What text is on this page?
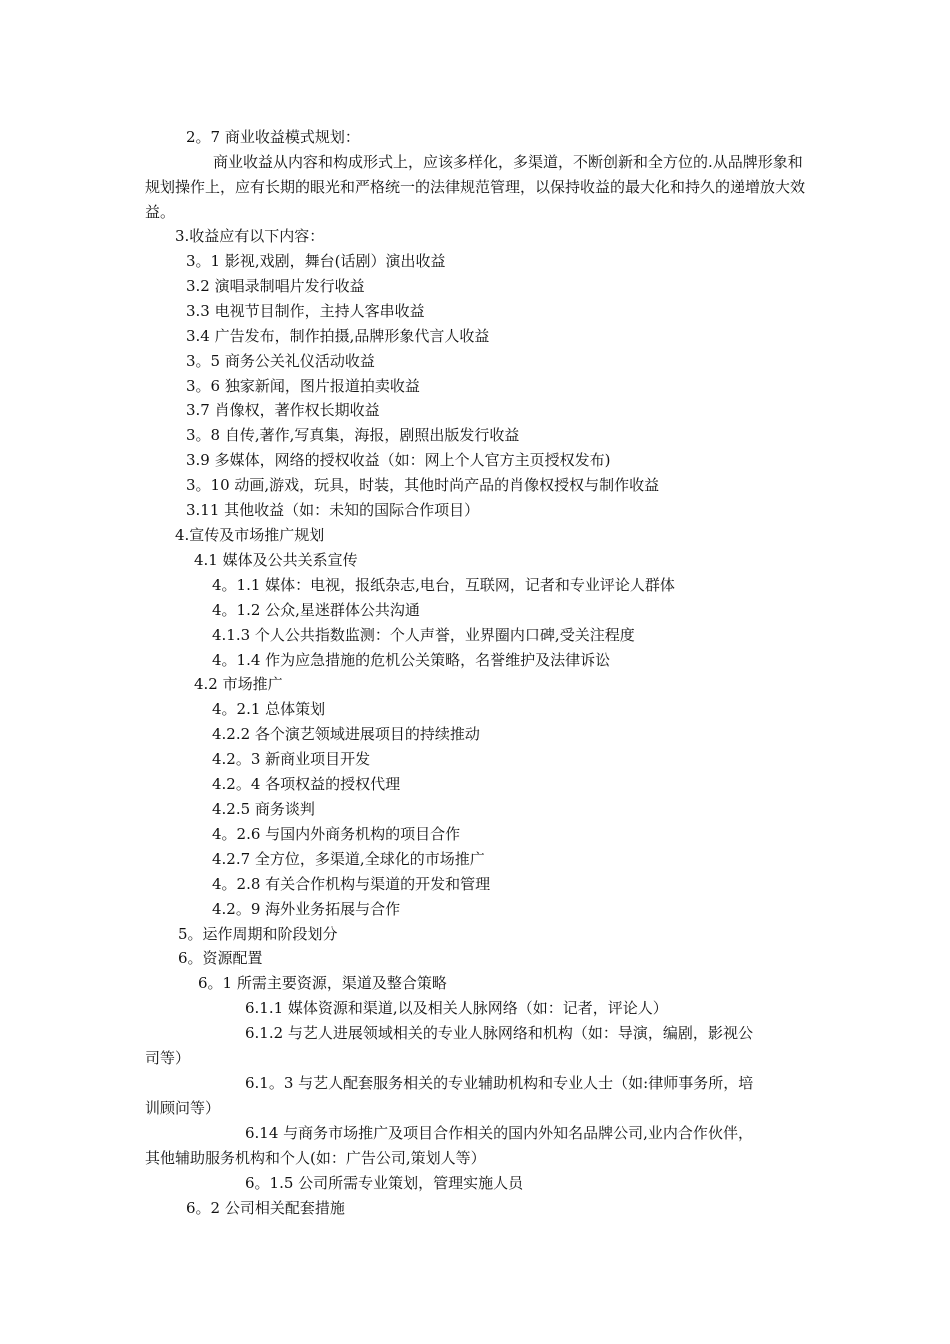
2。7 商业收益模式规划：
商业收益从内容和构成形式上，应该多样化，多渠道，不断创新和全方位的.从品牌形象和规划操作上，应有长期的眼光和严格统一的法律规范管理，以保持收益的最大化和持久的递增放大效益。
3.收益应有以下内容：
3。1 影视,戏剧，舞台(话剧）演出收益
3.2 演唱录制唱片发行收益
3.3 电视节目制作，主持人客串收益
3.4 广告发布，制作拍摄,品牌形象代言人收益
3。5 商务公关礼仪活动收益
3。6 独家新闻，图片报道拍卖收益
3.7 肖像权，著作权长期收益
3。8 自传,著作,写真集，海报，剧照出版发行收益
3.9 多媒体，网络的授权收益（如：网上个人官方主页授权发布)
3。10 动画,游戏，玩具，时装，其他时尚产品的肖像权授权与制作收益
3.11 其他收益（如：未知的国际合作项目）
4.宣传及市场推广规划
4.1 媒体及公共关系宣传
4。1.1 媒体：电视，报纸杂志,电台，互联网，记者和专业评论人群体
4。1.2 公众,星迷群体公共沟通
4.1.3 个人公共指数监测：个人声誉，业界圈内口碑,受关注程度
4。1.4 作为应急措施的危机公关策略，名誉维护及法律诉讼
4.2 市场推广
4。2.1 总体策划
4.2.2 各个演艺领域进展项目的持续推动
4.2。3 新商业项目开发
4.2。4 各项权益的授权代理
4.2.5 商务谈判
4。2.6 与国内外商务机构的项目合作
4.2.7 全方位，多渠道,全球化的市场推广
4。2.8 有关合作机构与渠道的开发和管理
4.2。9 海外业务拓展与合作
5。运作周期和阶段划分
6。资源配置
6。1 所需主要资源，渠道及整合策略
6.1.1 媒体资源和渠道,以及相关人脉网络（如：记者，评论人）
6.1.2 与艺人进展领域相关的专业人脉网络和机构（如：导演，编剧，影视公
司等）
6.1。3 与艺人配套服务相关的专业辅助机构和专业人士（如:律师事务所，培
训顾问等）
6.14 与商务市场推广及项目合作相关的国内外知名品牌公司,业内合作伙伴，
其他辅助服务机构和个人(如：广告公司,策划人等）
6。1.5 公司所需专业策划，管理实施人员
6。2 公司相关配套措施
